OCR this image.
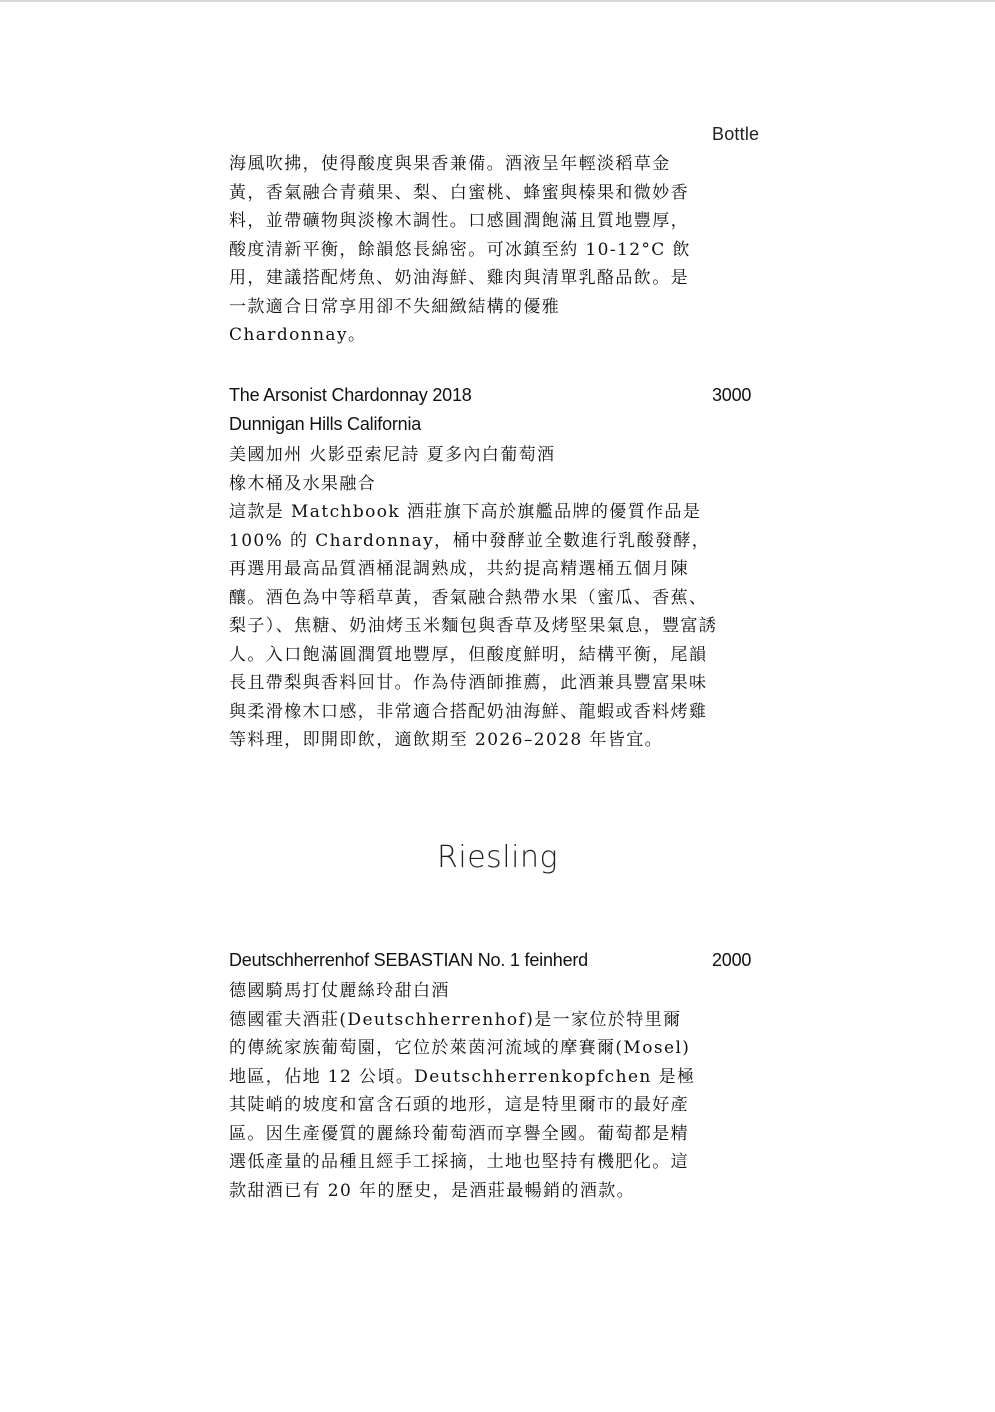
Bottle

海風吹拂，使得酸度與果香兼備。酒液呈年輕淡稻草金黃，香氣融合青蘋果、梨、白蜜桃、蜂蜜與榛果和微妙香料，並帶礦物與淡橡木調性。口感圓潤飽滿且質地豐厚，酸度清新平衡，餘韻悠長綿密。可冰鎮至約 10-12°C 飲用，建議搭配烤魚、奶油海鮮、雞肉與清單乳酪品飲。是一款適合日常享用卻不失細緻結構的優雅 Chardonnay。

The Arsonist Chardonnay 2018	3000
Dunnigan Hills California

美國加州 火影亞索尼詩 夏多內白葡萄酒

橡木桶及水果融合

這款是 Matchbook 酒莊旗下高於旗艦品牌的優質作品是 100% 的 Chardonnay，桶中發酵並全數進行乳酸發酵，再選用最高品質酒桶混調熟成，共約提高精選桶五個月陳釀。酒色為中等稻草黃，香氣融合熱帶水果（蜜瓜、香蕉、梨子）、焦糖、奶油烤玉米麵包與香草及烤堅果氣息，豐富誘人。入口飽滿圓潤質地豐厚，但酸度鮮明，結構平衡，尾韻長且帶梨與香料回甘。作為侍酒師推薦，此酒兼具豐富果味與柔滑橡木口感，非常適合搭配奶油海鮮、龍蝦或香料烤雞等料理，即開即飲，適飲期至 2026–2028 年皆宜。

Riesling
Deutschherrenhof SEBASTIAN No. 1 feinherd	2000

德國騎馬打仗麗絲玲甜白酒

德國霍夫酒莊(Deutschherrenhof)是一家位於特里爾的傳統家族葡萄園，它位於萊茵河流域的摩賽爾(Mosel)地區，佔地 12 公頃。Deutschherrenkopfchen 是極其陡峭的坡度和富含石頭的地形，這是特里爾市的最好產區。因生產優質的麗絲玲葡萄酒而享譽全國。葡萄都是精選低產量的品種且經手工採摘，土地也堅持有機肥化。這款甜酒已有 20 年的歷史，是酒莊最暢銷的酒款。
